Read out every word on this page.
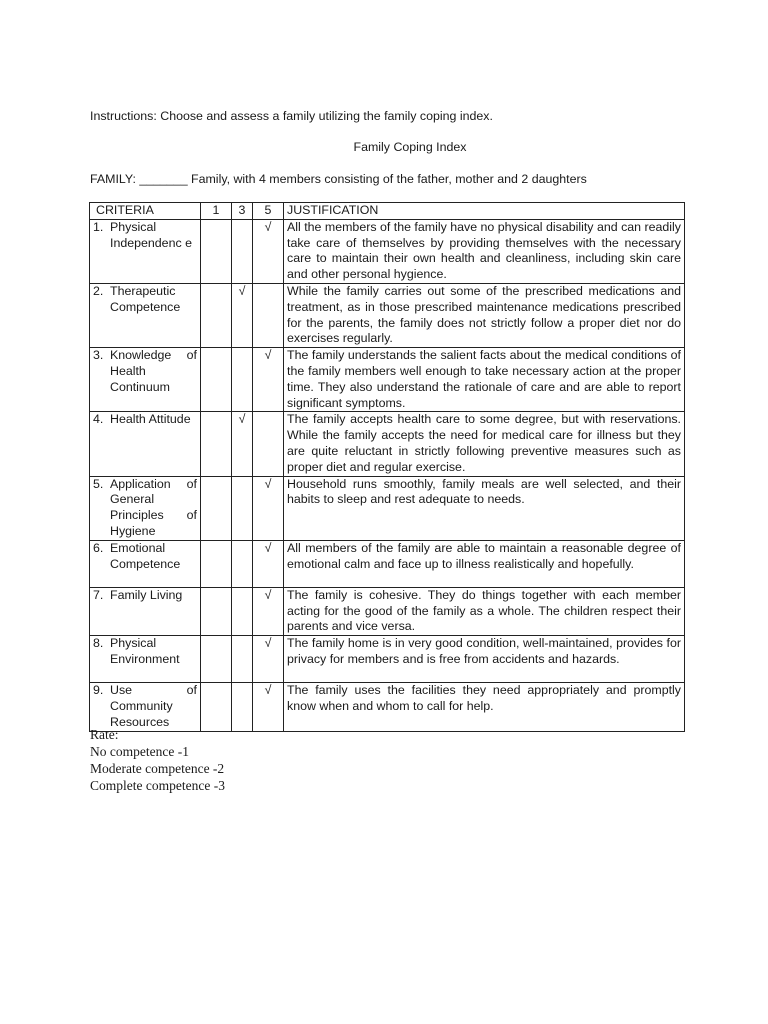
Instructions: Choose and assess a family utilizing the family coping index.
Family Coping Index
FAMILY: _______ Family, with 4 members consisting of the father, mother and 2 daughters
CRITERIA	1	3	5	JUSTIFICATION

1. Physical Independenc e			√	All the members of the family have no physical disability and can readily take care of themselves by providing themselves with the necessary care to maintain their own health and cleanliness, including skin care and other personal hygience.

2. Therapeutic Competence		√		While the family carries out some of the prescribed medications and treatment, as in those prescribed maintenance medications prescribed for the parents, the family does not strictly follow a proper diet nor do exercises regularly.

3. Knowledge of Health Continuum			√	The family understands the salient facts about the medical conditions of the family members well enough to take necessary action at the proper time. They also understand the rationale of care and are able to report significant symptoms.

4. Health Attitude		√		The family accepts health care to some degree, but with reservations. While the family accepts the need for medical care for illness but they are quite reluctant in strictly following preventive measures such as proper diet and regular exercise.

5. Application of General Principles of Hygiene			√	Household runs smoothly, family meals are well selected, and their habits to sleep and rest adequate to needs.

6. Emotional Competence			√	All members of the family are able to maintain a reasonable degree of emotional calm and face up to illness realistically and hopefully.

7. Family Living			√	The family is cohesive. They do things together with each member acting for the good of the family as a whole. The children respect their parents and vice versa.

8. Physical Environment			√	The family home is in very good condition, well-maintained, provides for privacy for members and is free from accidents and hazards.

9. Use of Community Resources			√	The family uses the facilities they need appropriately and promptly know when and whom to call for help.
Rate:
No competence -1
Moderate competence -2
Complete competence -3
